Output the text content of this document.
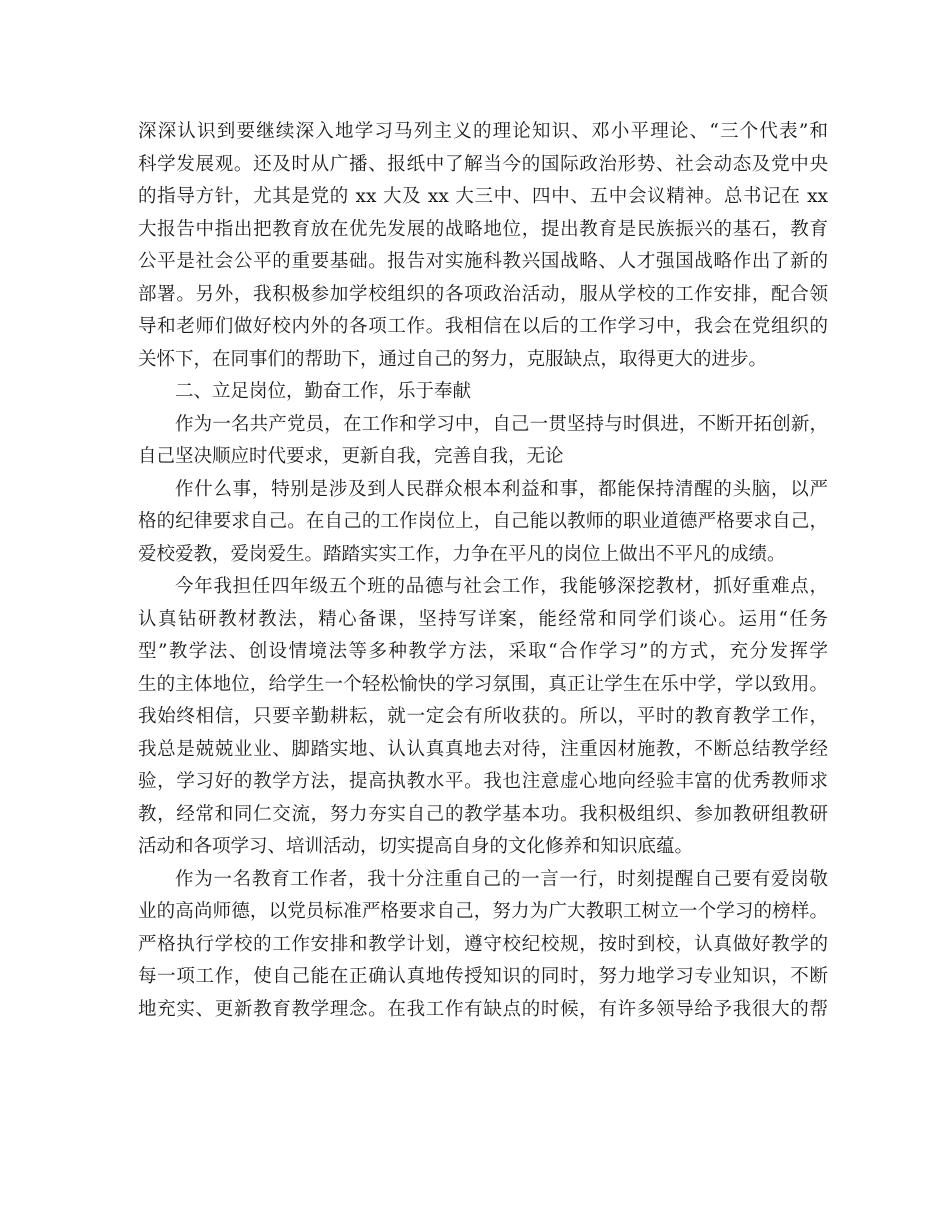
深深认识到要继续深入地学习马列主义的理论知识、邓小平理论、“三个代表”和
科学发展观。还及时从广播、报纸中了解当今的国际政治形势、社会动态及党中央
的指导方针，尤其是党的 xx 大及 xx 大三中、四中、五中会议精神。总书记在 xx
大报告中指出把教育放在优先发展的战略地位，提出教育是民族振兴的基石，教育
公平是社会公平的重要基础。报告对实施科教兴国战略、人才强国战略作出了新的
部署。另外，我积极参加学校组织的各项政治活动，服从学校的工作安排，配合领
导和老师们做好校内外的各项工作。我相信在以后的工作学习中，我会在党组织的
关怀下，在同事们的帮助下，通过自己的努力，克服缺点，取得更大的进步。
二、立足岗位，勤奋工作，乐于奉献
作为一名共产党员，在工作和学习中，自己一贯坚持与时俱进，不断开拓创新，
自己坚决顺应时代要求，更新自我，完善自我，无论
作什么事，特别是涉及到人民群众根本利益和事，都能保持清醒的头脑，以严
格的纪律要求自己。在自己的工作岗位上，自己能以教师的职业道德严格要求自己，
爱校爱教，爱岗爱生。踏踏实实工作，力争在平凡的岗位上做出不平凡的成绩。
今年我担任四年级五个班的品德与社会工作，我能够深挖教材，抓好重难点，
认真钻研教材教法，精心备课，坚持写详案，能经常和同学们谈心。运用“任务
型”教学法、创设情境法等多种教学方法，采取“合作学习”的方式，充分发挥学
生的主体地位，给学生一个轻松愉快的学习氛围，真正让学生在乐中学，学以致用。
我始终相信，只要辛勤耕耘，就一定会有所收获的。所以，平时的教育教学工作，
我总是兢兢业业、脚踏实地、认认真真地去对待，注重因材施教，不断总结教学经
验，学习好的教学方法，提高执教水平。我也注意虚心地向经验丰富的优秀教师求
教，经常和同仁交流，努力夯实自己的教学基本功。我积极组织、参加教研组教研
活动和各项学习、培训活动，切实提高自身的文化修养和知识底蕴。
作为一名教育工作者，我十分注重自己的一言一行，时刻提醒自己要有爱岗敬
业的高尚师德，以党员标准严格要求自己，努力为广大教职工树立一个学习的榜样。
严格执行学校的工作安排和教学计划，遵守校纪校规，按时到校，认真做好教学的
每一项工作，使自己能在正确认真地传授知识的同时，努力地学习专业知识，不断
地充实、更新教育教学理念。在我工作有缺点的时候，有许多领导给予我很大的帮
